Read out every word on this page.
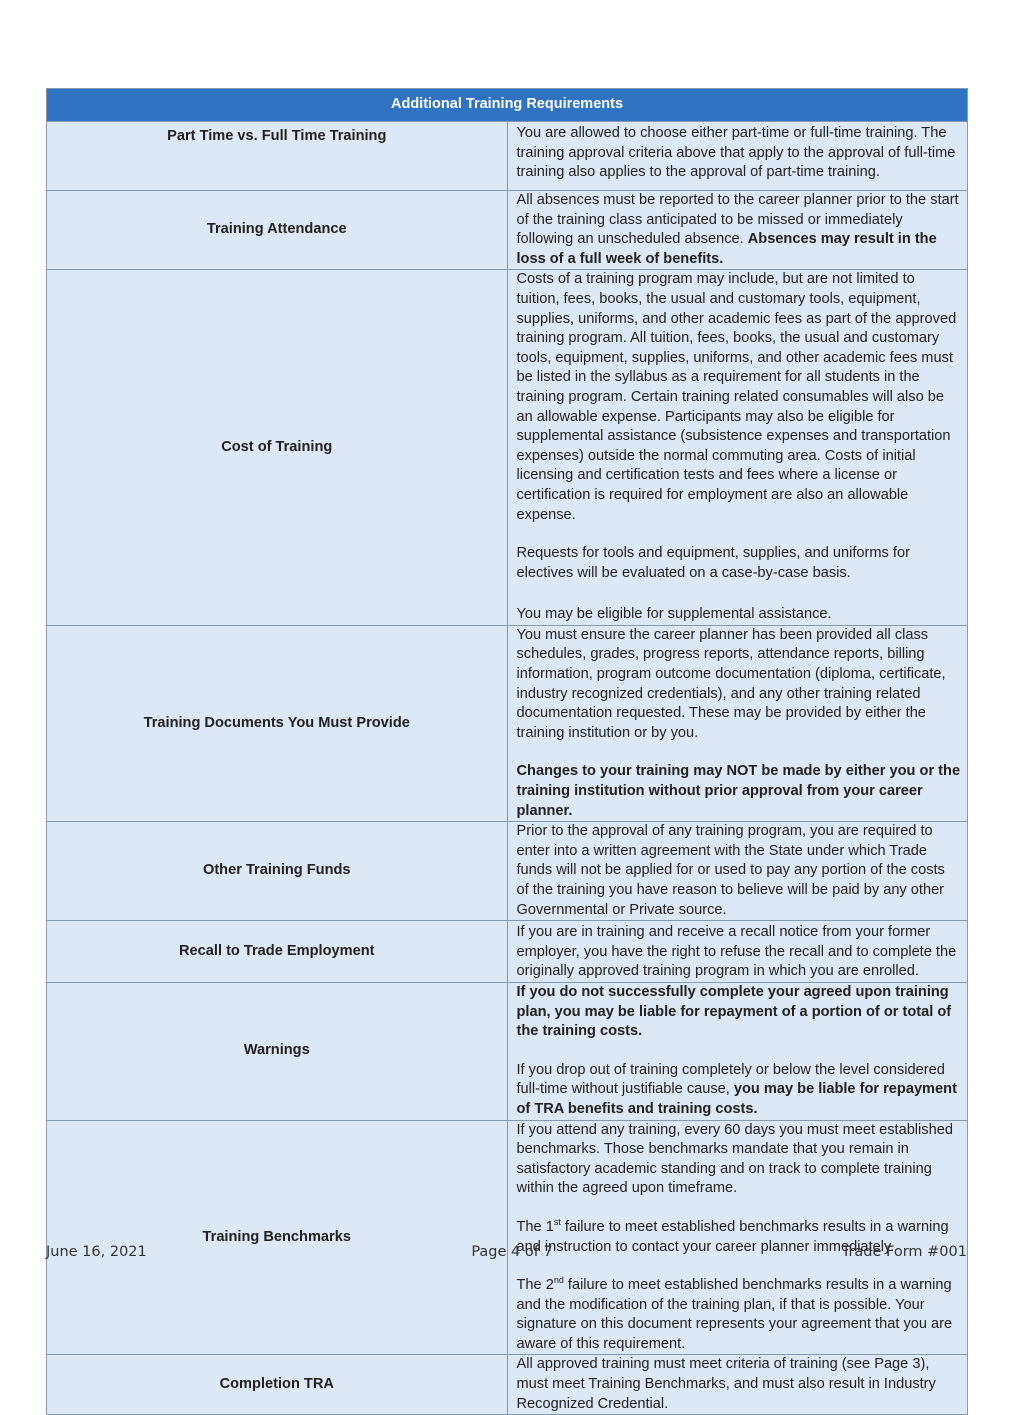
Additional Training Requirements	
Part Time vs. Full Time Training	You are allowed to choose either part-time or full-time training. The training approval criteria above that apply to the approval of full-time training also applies to the approval of part-time training.

Training Attendance	All absences must be reported to the career planner prior to the start of the training class anticipated to be missed or immediately following an unscheduled absence. Absences may result in the loss of a full week of benefits.

Cost of Training	Costs of a training program may include, but are not limited to tuition, fees, books, the usual and customary tools, equipment, supplies, uniforms, and other academic fees as part of the approved training program. All tuition, fees, books, the usual and customary tools, equipment, supplies, uniforms, and other academic fees must be listed in the syllabus as a requirement for all students in the training program. Certain training related consumables will also be an allowable expense. Participants may also be eligible for supplemental assistance (subsistence expenses and transportation expenses) outside the normal commuting area. Costs of initial licensing and certification tests and fees where a license or certification is required for employment are also an allowable expense.

Requests for tools and equipment, supplies, and uniforms for electives will be evaluated on a case-by-case basis.

You may be eligible for supplemental assistance.

Training Documents You Must Provide	You must ensure the career planner has been provided all class schedules, grades, progress reports, attendance reports, billing information, program outcome documentation (diploma, certificate, industry recognized credentials), and any other training related documentation requested. These may be provided by either the training institution or by you.

Changes to your training may NOT be made by either you or the training institution without prior approval from your career planner.

Other Training Funds	Prior to the approval of any training program, you are required to enter into a written agreement with the State under which Trade funds will not be applied for or used to pay any portion of the costs of the training you have reason to believe will be paid by any other Governmental or Private source.

Recall to Trade Employment	If you are in training and receive a recall notice from your former employer, you have the right to refuse the recall and to complete the originally approved training program in which you are enrolled.

Warnings	If you do not successfully complete your agreed upon training plan, you may be liable for repayment of a portion of or total of the training costs.

If you drop out of training completely or below the level considered full-time without justifiable cause, you may be liable for repayment of TRA benefits and training costs.

Training Benchmarks	If you attend any training, every 60 days you must meet established benchmarks. Those benchmarks mandate that you remain in satisfactory academic standing and on track to complete training within the agreed upon timeframe.

The 1st failure to meet established benchmarks results in a warning and instruction to contact your career planner immediately.

The 2nd failure to meet established benchmarks results in a warning and the modification of the training plan, if that is possible. Your signature on this document represents your agreement that you are aware of this requirement.

Completion TRA	All approved training must meet criteria of training (see Page 3), must meet Training Benchmarks, and must also result in Industry Recognized Credential.

June 16, 2021	Page 4 of 7	Trade Form #001
